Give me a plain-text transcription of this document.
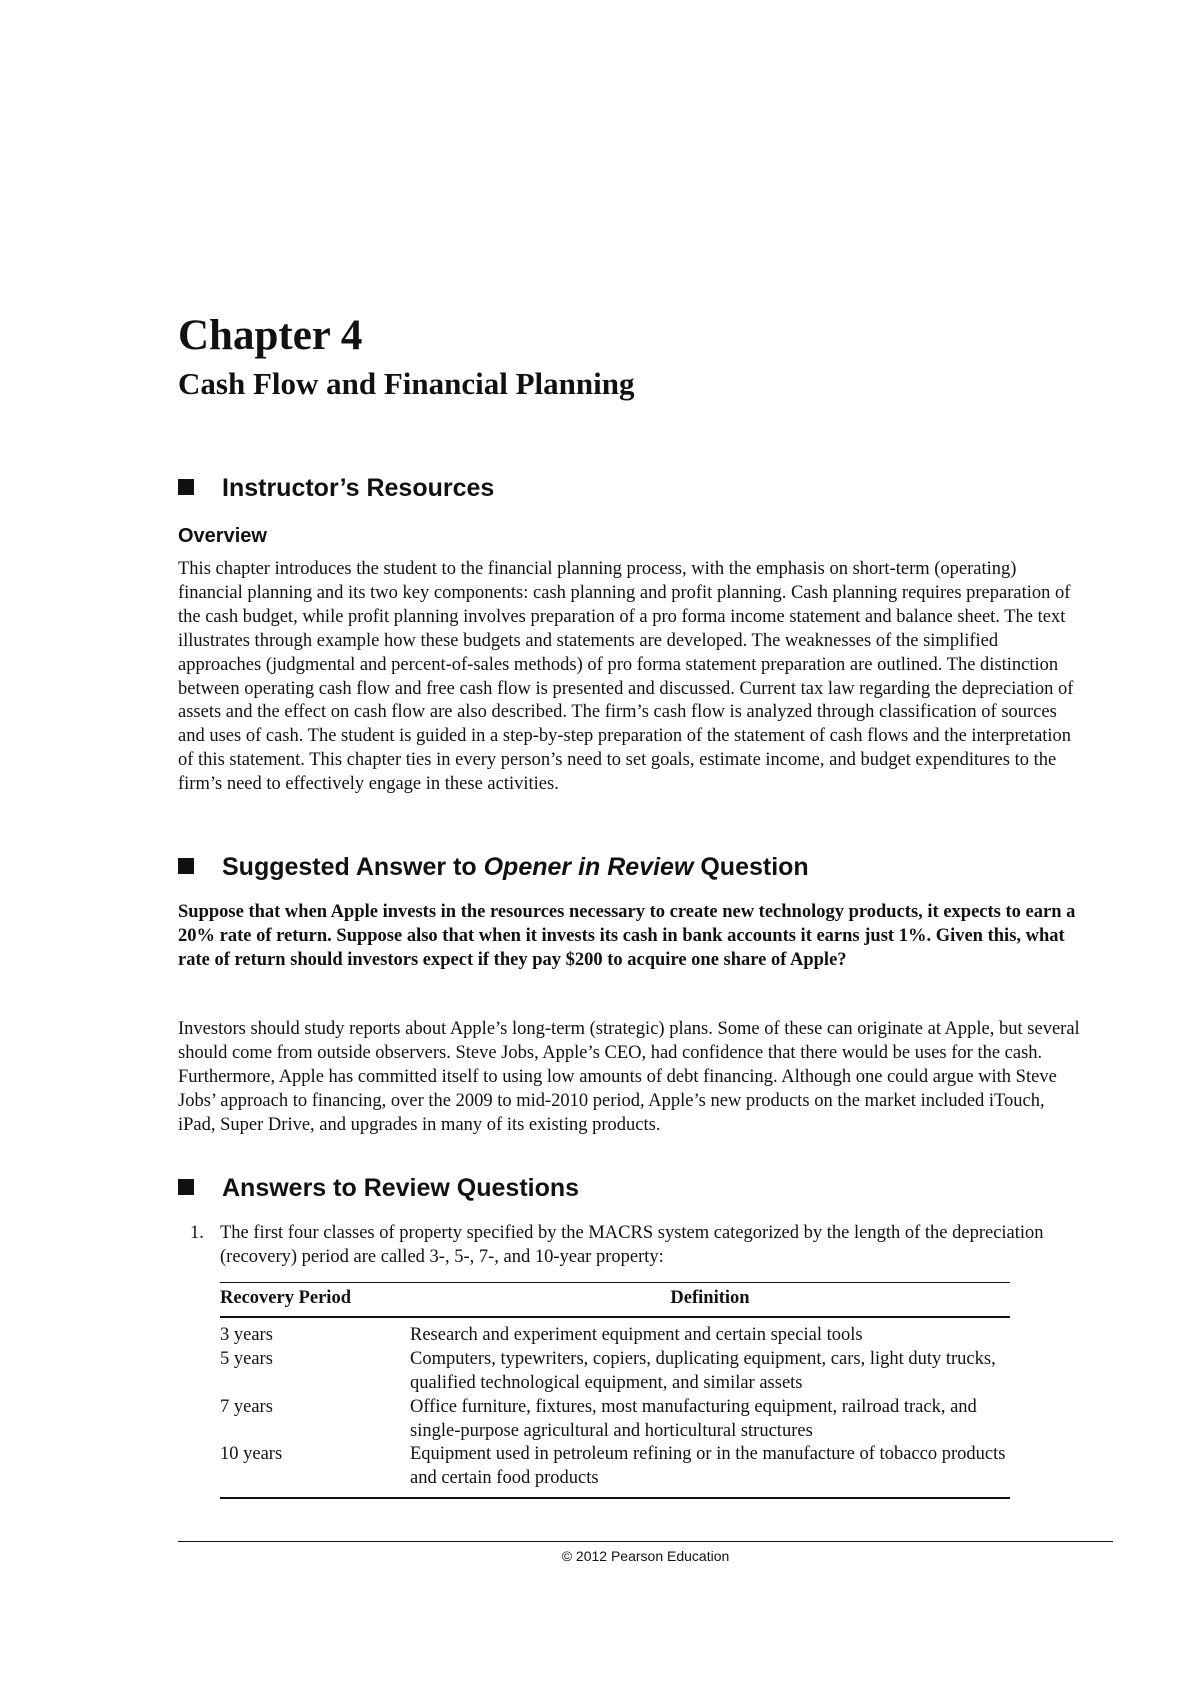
Chapter 4
Cash Flow and Financial Planning
Instructor’s Resources
Overview

This chapter introduces the student to the financial planning process, with the emphasis on short-term (operating) financial planning and its two key components: cash planning and profit planning. Cash planning requires preparation of the cash budget, while profit planning involves preparation of a pro forma income statement and balance sheet. The text illustrates through example how these budgets and statements are developed. The weaknesses of the simplified approaches (judgmental and percent-of-sales methods) of pro forma statement preparation are outlined. The distinction between operating cash flow and free cash flow is presented and discussed. Current tax law regarding the depreciation of assets and the effect on cash flow are also described. The firm’s cash flow is analyzed through classification of sources and uses of cash. The student is guided in a step-by-step preparation of the statement of cash flows and the interpretation of this statement. This chapter ties in every person’s need to set goals, estimate income, and budget expenditures to the firm’s need to effectively engage in these activities.

Suggested Answer to Opener in Review Question

Suppose that when Apple invests in the resources necessary to create new technology products, it expects to earn a 20% rate of return. Suppose also that when it invests its cash in bank accounts it earns just 1%. Given this, what rate of return should investors expect if they pay $200 to acquire one share of Apple?

Investors should study reports about Apple’s long-term (strategic) plans. Some of these can originate at Apple, but several should come from outside observers. Steve Jobs, Apple’s CEO, had confidence that there would be uses for the cash. Furthermore, Apple has committed itself to using low amounts of debt financing. Although one could argue with Steve Jobs’ approach to financing, over the 2009 to mid-2010 period, Apple’s new products on the market included iTouch, iPad, Super Drive, and upgrades in many of its existing products.

Answers to Review Questions
1. The first four classes of property specified by the MACRS system categorized by the length of the depreciation (recovery) period are called 3-, 5-, 7-, and 10-year property:
Recovery Period	Definition
3 years	Research and experiment equipment and certain special tools
5 years	Computers, typewriters, copiers, duplicating equipment, cars, light duty trucks, qualified technological equipment, and similar assets
7 years	Office furniture, fixtures, most manufacturing equipment, railroad track, and single-purpose agricultural and horticultural structures
10 years	Equipment used in petroleum refining or in the manufacture of tobacco products and certain food products
© 2012 Pearson Education
